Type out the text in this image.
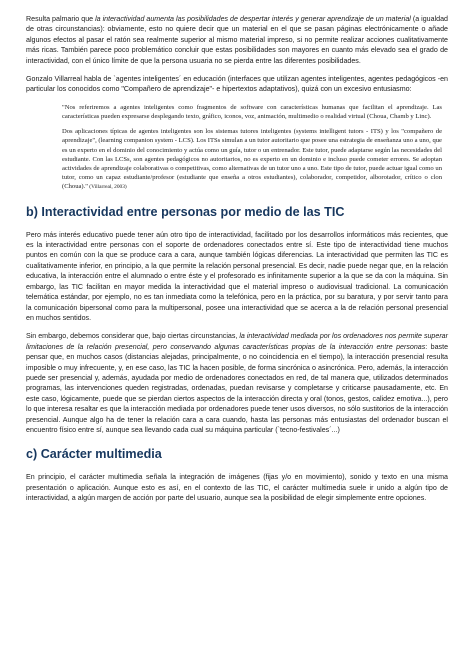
Resulta palmario que la interactividad aumenta las posibilidades de despertar interés y generar aprendizaje de un material (a igualdad de otras circunstancias): obviamente, esto no quiere decir que un material en el que se pasan páginas electrónicamente o añade algunos efectos al pasar el ratón sea realmente superior al mismo material impreso, si no permite realizar acciones cualitativamente más ricas. También parece poco problemático concluir que estas posibilidades son mayores en cuanto más elevado sea el grado de interactividad, con el único límite de que la persona usuaria no se pierda entre las diferentes posibilidades.

Gonzalo Villarreal habla de `agentes inteligentes´ en educación (interfaces que utilizan agentes inteligentes, agentes pedagógicos -en particular los conocidos como "Compañero de aprendizaje"- e hipertextos adaptativos), quizá con un excesivo entusiasmo:

"Nos referiremos a agentes inteligentes como fragmentos de software con características humanas que facilitan el aprendizaje. Las características pueden expresarse desplegando texto, gráfico, iconos, voz, animación, multimedio o realidad virtual (Choua, Chamb y Linc).

Dos aplicaciones típicas de agentes inteligentes son los sistemas tutores inteligentes (systems intelligent tutors - ITS) y los "compañero de aprendizaje", (learning companion system - LCS). Los ITSs simulan a un tutor autoritario que posee una estrategia de enseñanza uno a uno, que es un experto en el dominio del conocimiento y actúa como un guía, tutor o un entrenador. Este tutor, puede adaptarse según las necesidades del estudiante. Con las LCSs, son agentes pedagógicos no autoritarios, no es experto en un dominio e incluso puede cometer errores. Se adoptan actividades de aprendizaje colaborativas o competitivas, como alternativas de un tutor uno a uno. Este tipo de tutor, puede actuar igual como un tutor, como un capaz estudiante/profesor (estudiante que enseña a otros estudiantes), colaborador, competidor, alborotador, crítico o clon (Choua)." (Villarreal, 2003)

b) Interactividad entre personas por medio de las TIC

Pero más interés educativo puede tener aún otro tipo de interactividad, facilitado por los desarrollos informáticos más recientes, que es la interactividad entre personas con el soporte de ordenadores conectados entre sí. Este tipo de interactividad tiene muchos puntos en común con la que se produce cara a cara, aunque también lógicas diferencias. La interactividad que permiten las TIC es cualitativamente inferior, en principio, a la que permite la relación personal presencial. Es decir, nadie puede negar que, en la relación educativa, la interacción entre el alumnado o entre éste y el profesorado es infinitamente superior a la que se da con la máquina. Sin embargo, las TIC facilitan en mayor medida la interactividad que el material impreso o audiovisual tradicional. La comunicación telemática estándar, por ejemplo, no es tan inmediata como la telefónica, pero en la práctica, por su baratura, y por servir tanto para la comunicación bipersonal como para la multipersonal, posee una interactividad que se acerca a la de relación personal presencial en muchos sentidos.

Sin embargo, debemos considerar que, bajo ciertas circunstancias, la interactividad mediada por los ordenadores nos permite superar limitaciones de la relación presencial, pero conservando algunas características propias de la interacción entre personas: baste pensar que, en muchos casos (distancias alejadas, principalmente, o no coincidencia en el tiempo), la interacción presencial resulta imposible o muy infrecuente, y, en ese caso, las TIC la hacen posible, de forma sincrónica o asincrónica. Pero, además, la interacción puede ser presencial y, además, ayudada por medio de ordenadores conectados en red, de tal manera que, utilizados determinados programas, las intervenciones queden registradas, ordenadas, puedan revisarse y completarse y criticarse pausadamente, etc. En este caso, lógicamente, puede que se pierdan ciertos aspectos de la interacción directa y oral (tonos, gestos, calidez emotiva...), pero lo que interesa resaltar es que la interacción mediada por ordenadores puede tener usos diversos, no sólo sustitorios de la interacción presencial. Aunque algo ha de tener la relación cara a cara cuando, hasta las personas más entusiastas del ordenador buscan el encuentro físico entre sí, aunque sea llevando cada cual su máquina particular (`tecno-festivales´...)

c) Carácter multimedia

En principio, el carácter multimedia señala la integración de imágenes (fijas y/o en movimiento), sonido y texto en una misma presentación o aplicación. Aunque esto es así, en el contexto de las TIC, el carácter multimedia suele ir unido a algún tipo de interactividad, a algún margen de acción por parte del usuario, aunque sea la posibilidad de elegir simplemente entre opciones.
